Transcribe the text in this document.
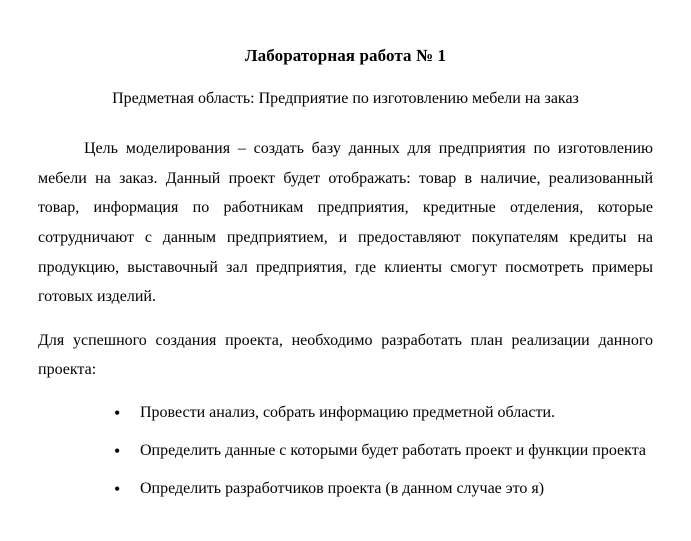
Лабораторная работа № 1

Предметная область: Предприятие по изготовлению мебели на заказ

Цель моделирования – создать базу данных для предприятия по изготовлению мебели на заказ. Данный проект будет отображать: товар в наличие, реализованный товар, информация по работникам предприятия, кредитные отделения, которые сотрудничают с данным предприятием, и предоставляют покупателям кредиты на продукцию, выставочный зал предприятия, где клиенты смогут посмотреть примеры готовых изделий.

Для успешного создания проекта, необходимо разработать план реализации данного проекта:

• Провести анализ, собрать информацию предметной области.
• Определить данные с которыми будет работать проект и функции проекта
• Определить разработчиков проекта (в данном случае это я)
